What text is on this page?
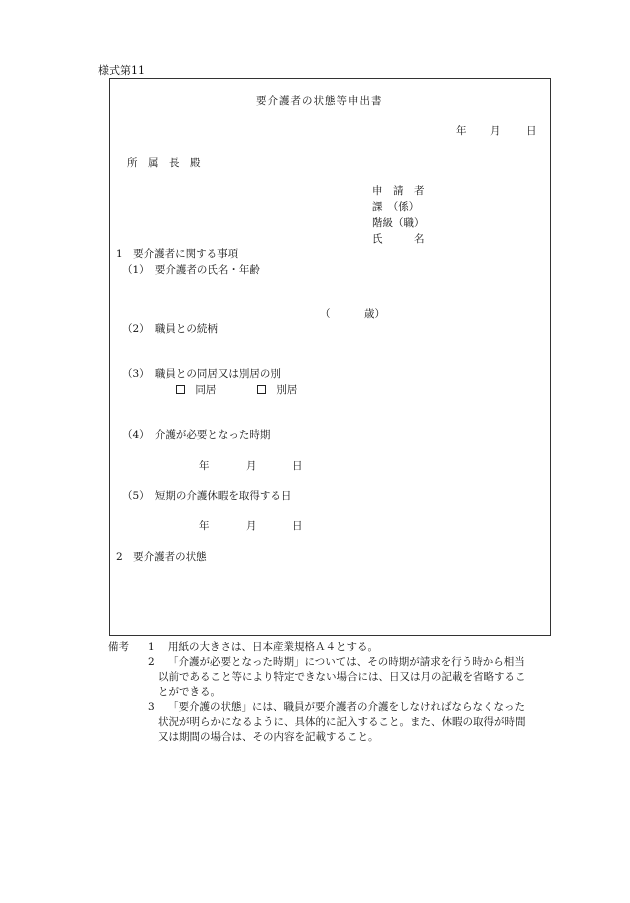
様式第11
要介護者の状態等申出書
年 月 日
所　属　長　殿
申　請　者
課　（係）
階級（職）
氏　　　名
1　要介護者に関する事項
（1）　要介護者の氏名・年齢
（	歳）
（2）　職員との続柄
（3）　職員との同居又は別居の別
同居	別居
（4）　介護が必要となった時期
年	月	日
（5）　短期の介護休暇を取得する日
年	月	日
2　要介護者の状態
備考 1 用紙の大きさは、日本産業規格Ａ４とする。
2 「介護が必要となった時期」については、その時期が請求を行う時から相当
以前であること等により特定できない場合には、日又は月の記載を省略するこ
とができる。
3 「要介護の状態」には、職員が要介護者の介護をしなければならなくなった
状況が明らかになるように、具体的に記入すること。また、休暇の取得が時間
又は期間の場合は、その内容を記載すること。
